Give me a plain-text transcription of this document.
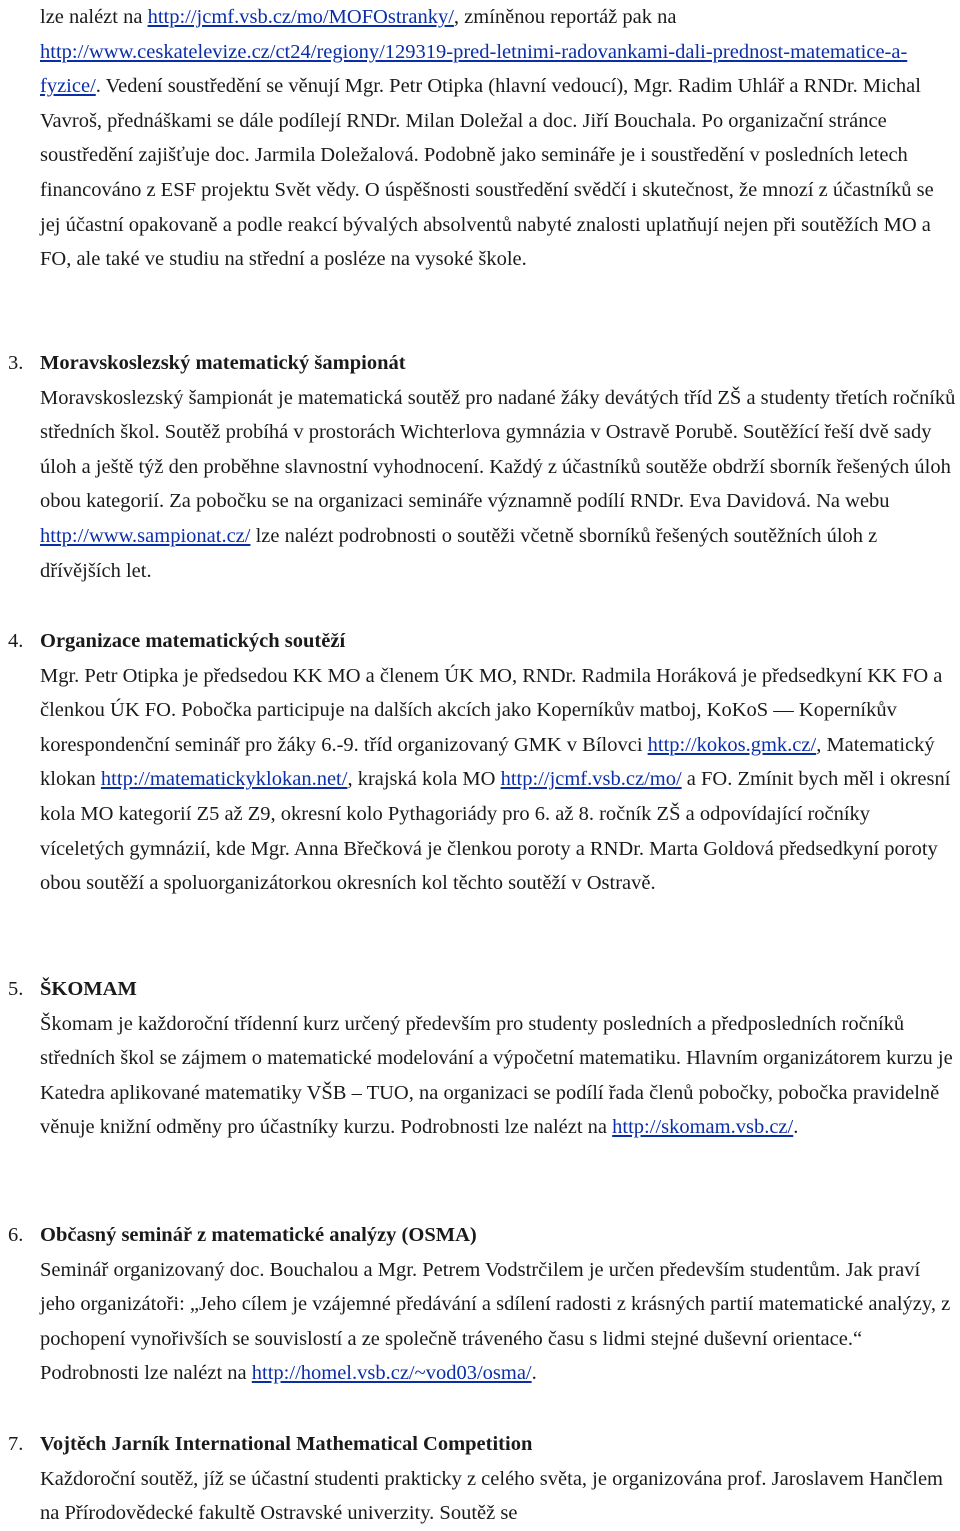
lze nalézt na http://jcmf.vsb.cz/mo/MOFOstranky/, zmíněnou reportáž pak na
http://www.ceskatelevize.cz/ct24/regiony/129319-pred-letnimi-radovankami-dali-prednost-matematice-a-fyzice/. Vedení soustředění se věnují Mgr. Petr Otipka (hlavní vedoucí), Mgr. Radim Uhlář a RNDr. Michal Vavroš, přednáškami se dále podílejí RNDr. Milan Doležal a doc. Jiří Bouchala. Po organizační stránce soustředění zajišťuje doc. Jarmila Doležalová. Podobně jako semináře je i soustředění v posledních letech financováno z ESF projektu Svět vědy. O úspěšnosti soustředění svědčí i skutečnost, že mnozí z účastníků se jej účastní opakovaně a podle reakcí bývalých absolventů nabyté znalosti uplatňují nejen při soutěžích MO a FO, ale také ve studiu na střední a posléze na vysoké škole.
3. Moravskoslezský matematický šampionát
Moravskoslezský šampionát je matematická soutěž pro nadané žáky devátých tříd ZŠ a studenty třetích ročníků středních škol. Soutěž probíhá v prostorách Wichterlova gymnázia v Ostravě Porubě. Soutěžící řeší dvě sady úloh a ještě týž den proběhne slavnostní vyhodnocení. Každý z účastníků soutěže obdrží sborník řešených úloh obou kategorií. Za pobočku se na organizaci semináře významně podílí RNDr. Eva Davidová. Na webu http://www.sampionat.cz/ lze nalézt podrobnosti o soutěži včetně sborníků řešených soutěžních úloh z dřívějších let.
4. Organizace matematických soutěží
Mgr. Petr Otipka je předsedou KK MO a členem ÚK MO, RNDr. Radmila Horáková je předsedkyní KK FO a členkou ÚK FO. Pobočka participuje na dalších akcích jako Koperníkův matboj, KoKoS — Koperníkův korespondenční seminář pro žáky 6.-9. tříd organizovaný GMK v Bílovci http://kokos.gmk.cz/, Matematický klokan http://matematickyklokan.net/, krajská kola MO http://jcmf.vsb.cz/mo/ a FO. Zmínit bych měl i okresní kola MO kategorií Z5 až Z9, okresní kolo Pythagoriády pro 6. až 8. ročník ZŠ a odpovídající ročníky víceletých gymnázií, kde Mgr. Anna Břečková je členkou poroty a RNDr. Marta Goldová předsedkyní poroty obou soutěží a spoluorganizátorkou okresních kol těchto soutěží v Ostravě.
5. ŠKOMAM
Škomam je každoroční třídenní kurz určený především pro studenty posledních a předposledních ročníků středních škol se zájmem o matematické modelování a výpočetní matematiku. Hlavním organizátorem kurzu je Katedra aplikované matematiky VŠB – TUO, na organizaci se podílí řada členů pobočky, pobočka pravidelně věnuje knižní odměny pro účastníky kurzu. Podrobnosti lze nalézt na http://skomam.vsb.cz/.
6. Občasný seminář z matematické analýzy (OSMA)
Seminář organizovaný doc. Bouchalou a Mgr. Petrem Vodstrčilem je určen především studentům. Jak praví jeho organizátoři: „Jeho cílem je vzájemné předávání a sdílení radosti z krásných partií matematické analýzy, z pochopení vynořivších se souvislostí a ze společně tráveného času s lidmi stejné duševní orientace.“ Podrobnosti lze nalézt na http://homel.vsb.cz/~vod03/osma/.
7. Vojtěch Jarník International Mathematical Competition
Každoroční soutěž, jíž se účastní studenti prakticky z celého světa, je organizována prof. Jaroslavem Hančlem na Přírodovědecké fakultě Ostravské univerzity. Soutěž se
